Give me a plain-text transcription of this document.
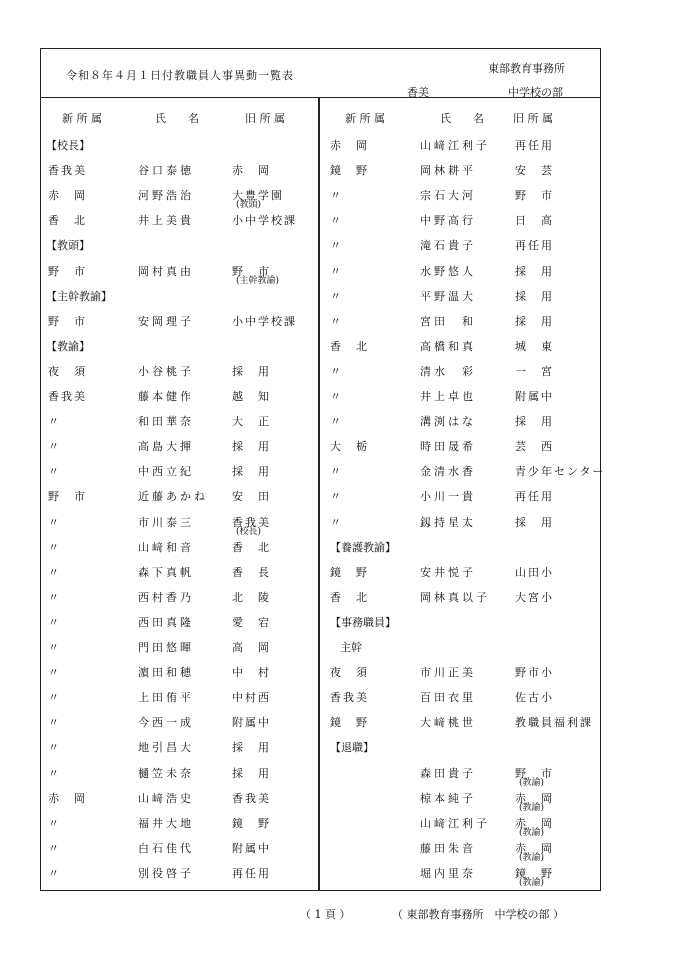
令和８年４月１日付教職員人事異動一覧表
東部教育事務所
香美	中学校の部
新 所 属	氏　　名	旧 所 属	新 所 属	氏　　名	旧 所 属
【校長】
香我美	谷口泰徳	赤　岡
赤　岡	河野浩治	大豊学園
(教頭)
香　北	井上美貴	小中学校課
【教頭】
野　市	岡村真由	野　市
(主幹教諭)
【主幹教諭】
野　市	安岡理子	小中学校課
【教諭】
夜　須	小谷桃子	採　用
香我美	藤本健作	越　知
〃	和田華奈	大　正
〃	高島大揮	採　用
〃	中西立紀	採　用
野　市	近藤あかね 安　田
〃	市川泰三	香我美
(校長)
〃	山﨑和音	香　北
〃	森下真帆	香　長
〃	西村香乃	北　陵
〃	西田真隆	愛　宕
〃	門田悠暉	高　岡
〃	濵田和穂	中　村
〃	上田侑平	中村西
〃	今西一成	附属中
〃	地引昌大	採　用
〃	樋笠未奈	採　用
赤　岡	山﨑浩史	香我美
〃	福井大地	鏡　野
〃	白石佳代	附属中
〃	別役啓子	再任用
赤　岡	山﨑江利子 再任用
鏡　野	岡林耕平	安　芸
〃	宗石大河	野　市
〃	中野高行	日　高
〃	滝石貴子	再任用
〃	水野悠人	採　用
〃	平野温大	採　用
〃	宮田　和	採　用
香　北	高橋和真	城　東
〃	清水　彩	一　宮
〃	井上卓也	附属中
〃	溝渕はな	採　用
大　栃	時田晟希	芸　西
〃	金清水香	青少年センター
〃	小川一貴	再任用
〃	釼持星太	採　用
【養護教諭】
鏡　野	安井悦子	山田小
香　北	岡林真以子 大宮小
【事務職員】
主幹
夜　須	市川正美	野市小
香我美	百田衣里	佐古小
鏡　野	大﨑桃世	教職員福利課
【退職】
森田貴子	野　市
(教諭)
椋本純子	赤　岡
(教諭)
山﨑江利子 赤　岡
(教諭)
藤田朱音	赤　岡
(教諭)
堀内里奈	鏡　野
(教諭)
（ 1 頁 ）	（ 東部教育事務所　中学校の部 ）
